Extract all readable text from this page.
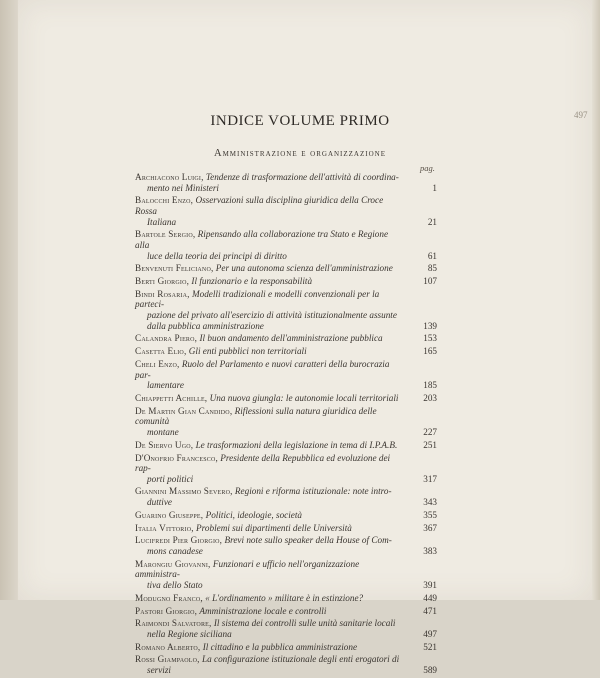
497
INDICE VOLUME PRIMO
Amministrazione e organizzazione
pag.
Archiacono Luigi, Tendenze di trasformazione dell'attività di coordina-
mento nei Ministeri	1
Balocchi Enzo, Osservazioni sulla disciplina giuridica della Croce Rossa
Italiana	21
Bartole Sergio, Ripensando alla collaborazione tra Stato e Regione alla
luce della teoria dei principi di diritto	61
Benvenuti Feliciano, Per una autonoma scienza dell'amministrazione	85
Berti Giorgio, Il funzionario e la responsabilità	107
Bindi Rosaria, Modelli tradizionali e modelli convenzionali per la parteci-
pazione del privato all'esercizio di attività istituzionalmente assunte dalla pubblica amministrazione	139
Calandra Piero, Il buon andamento dell'amministrazione pubblica	153
Casetta Elio, Gli enti pubblici non territoriali	165
Cheli Enzo, Ruolo del Parlamento e nuovi caratteri della burocrazia par-
lamentare	185
Chiappetti Achille, Una nuova giungla: le autonomie locali territoriali	203
De Martin Gian Candido, Riflessioni sulla natura giuridica delle comunità
montane	227
De Siervo Ugo, Le trasformazioni della legislazione in tema di I.P.A.B.	251
D'Onofrio Francesco, Presidente della Repubblica ed evoluzione dei rap-
porti politici	317
Giannini Massimo Severo, Regioni e riforma istituzionale: note intro-
duttive	343
Guarino Giuseppe, Politici, ideologie, società	355
Italia Vittorio, Problemi sui dipartimenti delle Università	367
Lucifredi Pier Giorgio, Brevi note sullo speaker della House of Com-
mons canadese	383
Marongiu Giovanni, Funzionari e ufficio nell'organizzazione amministra-
tiva dello Stato	391
Modugno Franco, « L'ordinamento » militare è in estinzione?	449
Pastori Giorgio, Amministrazione locale e controlli	471
Raimondi Salvatore, Il sistema dei controlli sulle unità sanitarie locali
nella Regione siciliana	497
Romano Alberto, Il cittadino e la pubblica amministrazione	521
Rossi Giampaolo, La configurazione istituzionale degli enti erogatori di
servizi	589
